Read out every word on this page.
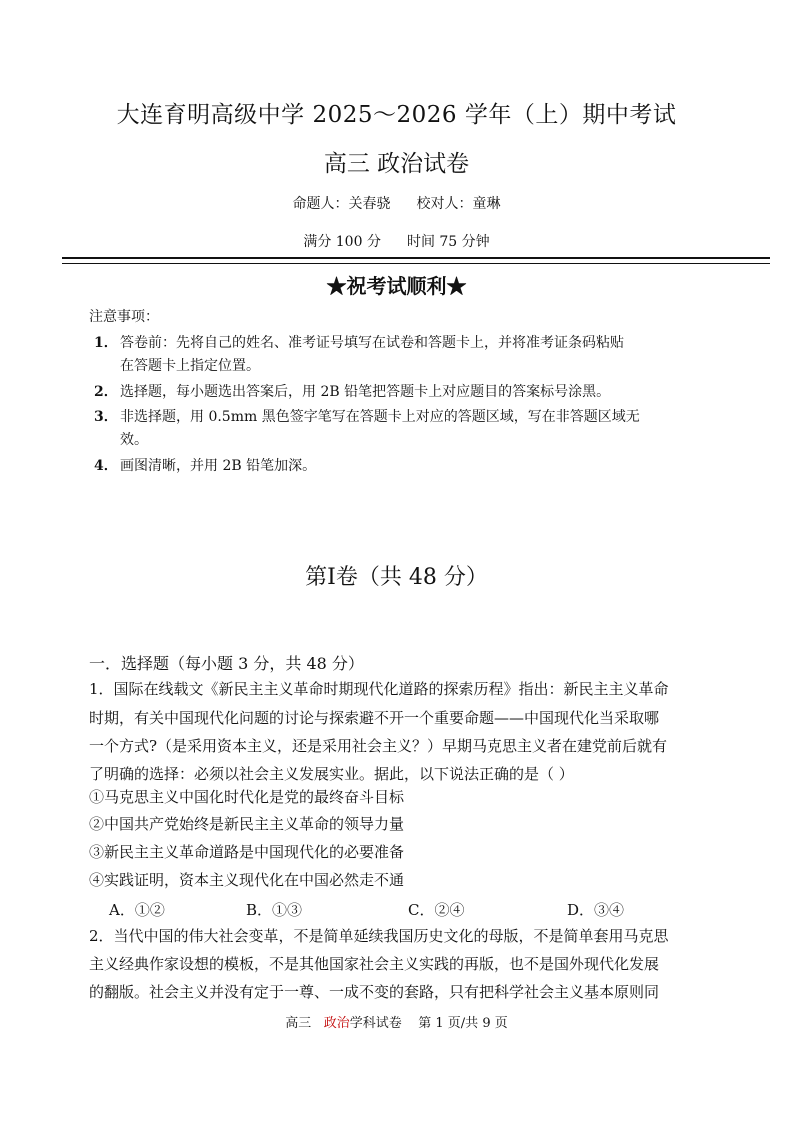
大连育明高级中学 2025～2026 学年（上）期中考试
高三 政治试卷
命题人：关春骁 校对人：童琳
满分 100 分 时间 75 分钟
★祝考试顺利★
注意事项：
1． 答卷前：先将自己的姓名、准考证号填写在试卷和答题卡上，并将准考证条码粘贴
在答题卡上指定位置。
2． 选择题，每小题选出答案后，用 2B 铅笔把答题卡上对应题目的答案标号涂黑。
3． 非选择题，用 0.5mm 黑色签字笔写在答题卡上对应的答题区域，写在非答题区域无
效。
4． 画图清晰，并用 2B 铅笔加深。
第Ⅰ卷（共 48 分）
一．选择题（每小题 3 分，共 48 分）
1．国际在线载文《新民主主义革命时期现代化道路的探索历程》指出：新民主主义革命
时期，有关中国现代化问题的讨论与探索避不开一个重要命题——中国现代化当采取哪
一个方式?（是采用资本主义，还是采用社会主义？）早期马克思主义者在建党前后就有
了明确的选择：必须以社会主义发展实业。据此，以下说法正确的是（ ）
①马克思主义中国化时代化是党的最终奋斗目标
②中国共产党始终是新民主主义革命的领导力量
③新民主主义革命道路是中国现代化的必要准备
④实践证明，资本主义现代化在中国必然走不通
A．①②	B．①③	C．②④	D．③④
2．当代中国的伟大社会变革，不是简单延续我国历史文化的母版，不是简单套用马克思
主义经典作家设想的模板，不是其他国家社会主义实践的再版，也不是国外现代化发展
的翻版。社会主义并没有定于一尊、一成不变的套路，只有把科学社会主义基本原则同
高三 政治学科试卷 第 1 页/共 9 页
